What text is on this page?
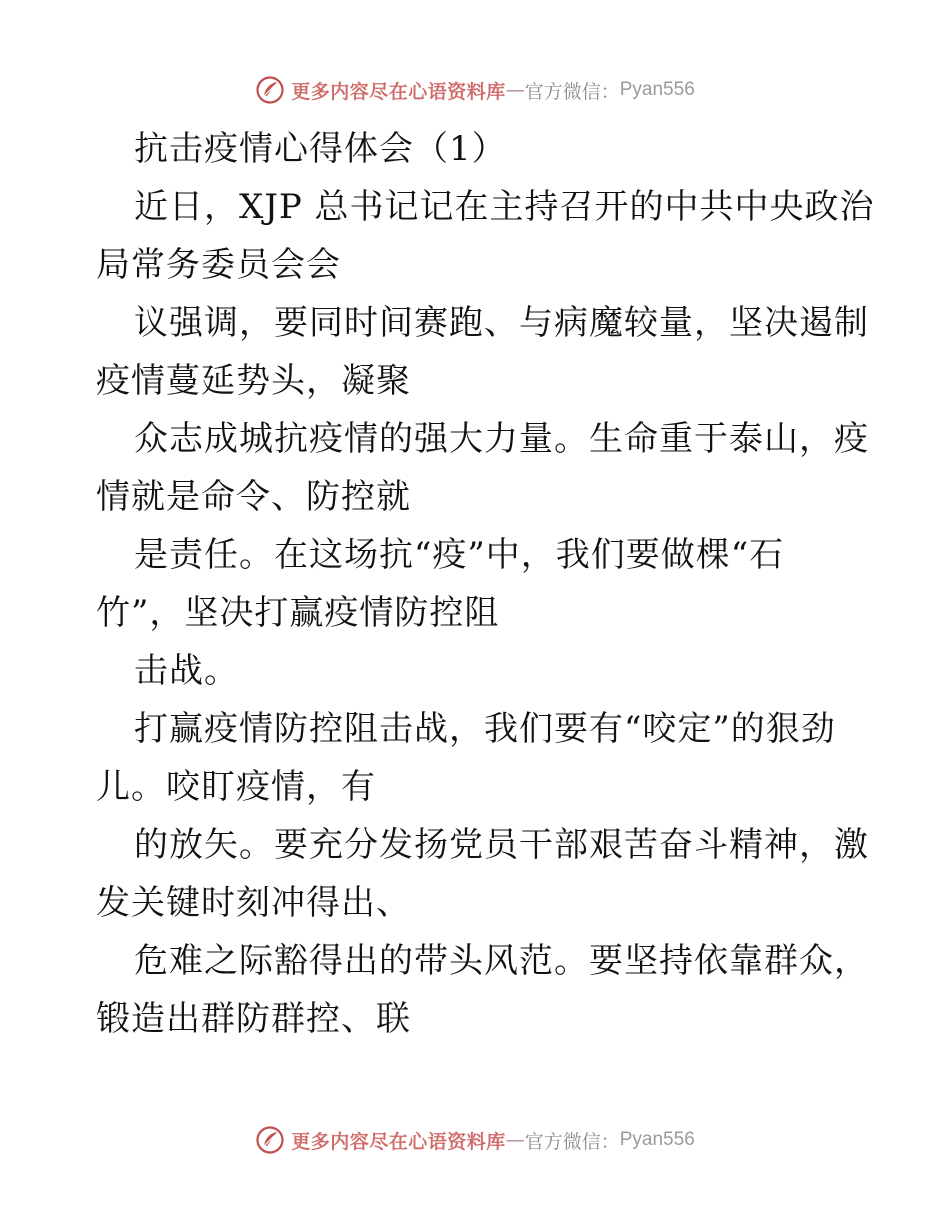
更多内容尽在心语资料库 — 官方微信： Pyan556
抗击疫情心得体会（1）
近日，XJP 总书记记在主持召开的中共中央政治
局常务委员会会
议强调，要同时间赛跑、与病魔较量，坚决遏制
疫情蔓延势头，凝聚
众志成城抗疫情的强大力量。生命重于泰山，疫
情就是命令、防控就
是责任。在这场抗“疫”中，我们要做棵“石
竹”，坚决打赢疫情防控阻
击战。
打赢疫情防控阻击战，我们要有“咬定”的狠劲
儿。咬盯疫情，有
的放矢。要充分发扬党员干部艰苦奋斗精神，激
发关键时刻冲得出、
危难之际豁得出的带头风范。要坚持依靠群众，
锻造出群防群控、联
更多内容尽在心语资料库 — 官方微信： Pyan556
